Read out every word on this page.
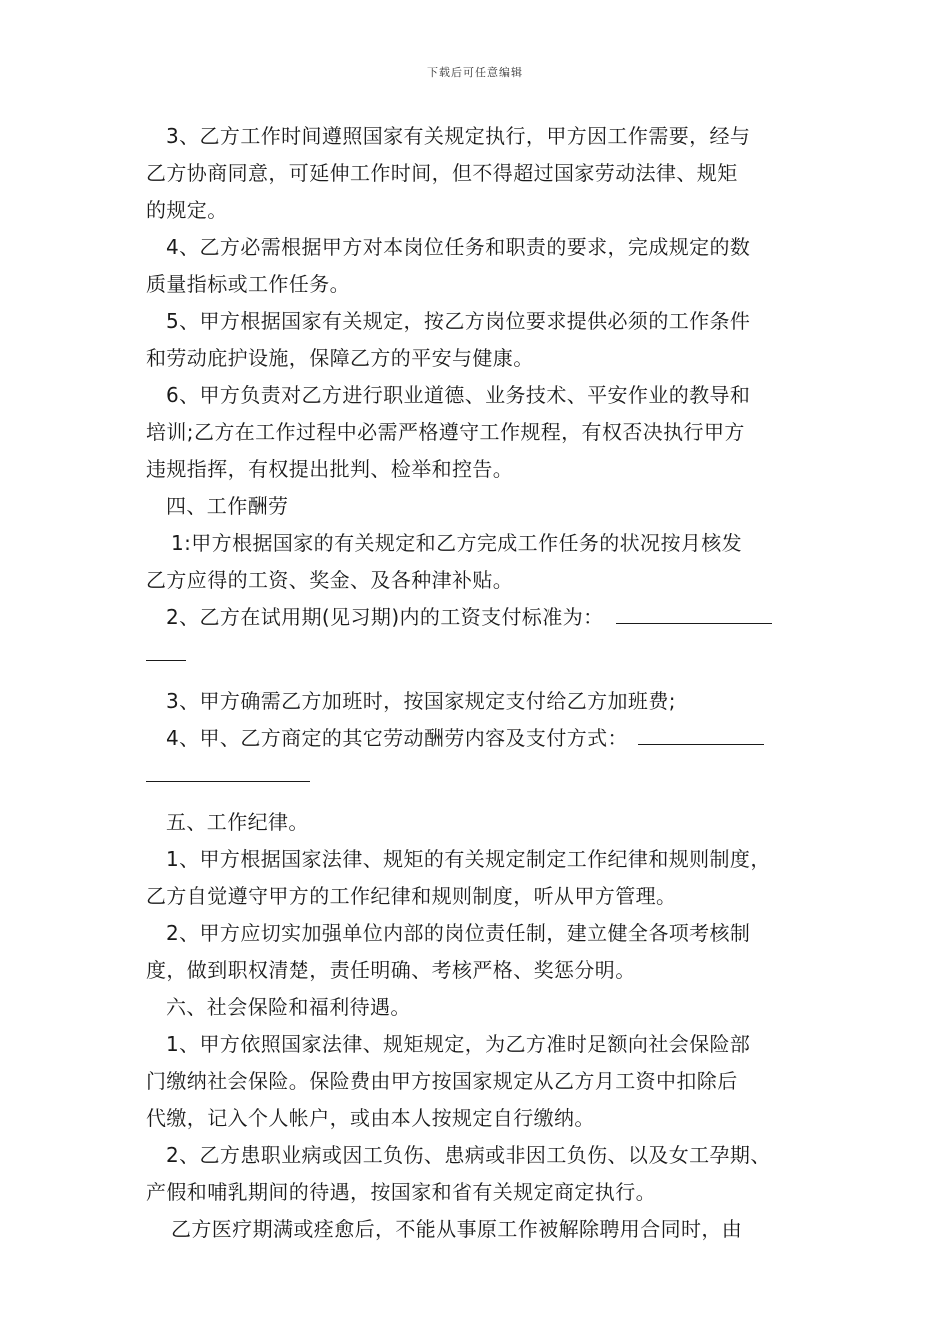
下载后可任意编辑
3、乙方工作时间遵照国家有关规定执行，甲方因工作需要，经与
乙方协商同意，可延伸工作时间，但不得超过国家劳动法律、规矩
的规定。
4、乙方必需根据甲方对本岗位任务和职责的要求，完成规定的数
质量指标或工作任务。
5、甲方根据国家有关规定，按乙方岗位要求提供必须的工作条件
和劳动庇护设施，保障乙方的平安与健康。
6、甲方负责对乙方进行职业道德、业务技术、平安作业的教导和
培训;乙方在工作过程中必需严格遵守工作规程，有权否决执行甲方
违规指挥，有权提出批判、检举和控告。
四、工作酬劳
1:甲方根据国家的有关规定和乙方完成工作任务的状况按月核发
乙方应得的工资、奖金、及各种津补贴。
2、乙方在试用期(见习期)内的工资支付标准为：
3、甲方确需乙方加班时，按国家规定支付给乙方加班费;
4、甲、乙方商定的其它劳动酬劳内容及支付方式：
五、工作纪律。
1、甲方根据国家法律、规矩的有关规定制定工作纪律和规则制度，
乙方自觉遵守甲方的工作纪律和规则制度，听从甲方管理。
2、甲方应切实加强单位内部的岗位责任制，建立健全各项考核制
度，做到职权清楚，责任明确、考核严格、奖惩分明。
六、社会保险和福利待遇。
1、甲方依照国家法律、规矩规定，为乙方准时足额向社会保险部
门缴纳社会保险。保险费由甲方按国家规定从乙方月工资中扣除后
代缴，记入个人帐户，或由本人按规定自行缴纳。
2、乙方患职业病或因工负伤、患病或非因工负伤、以及女工孕期、
产假和哺乳期间的待遇，按国家和省有关规定商定执行。
乙方医疗期满或痊愈后，不能从事原工作被解除聘用合同时，由
